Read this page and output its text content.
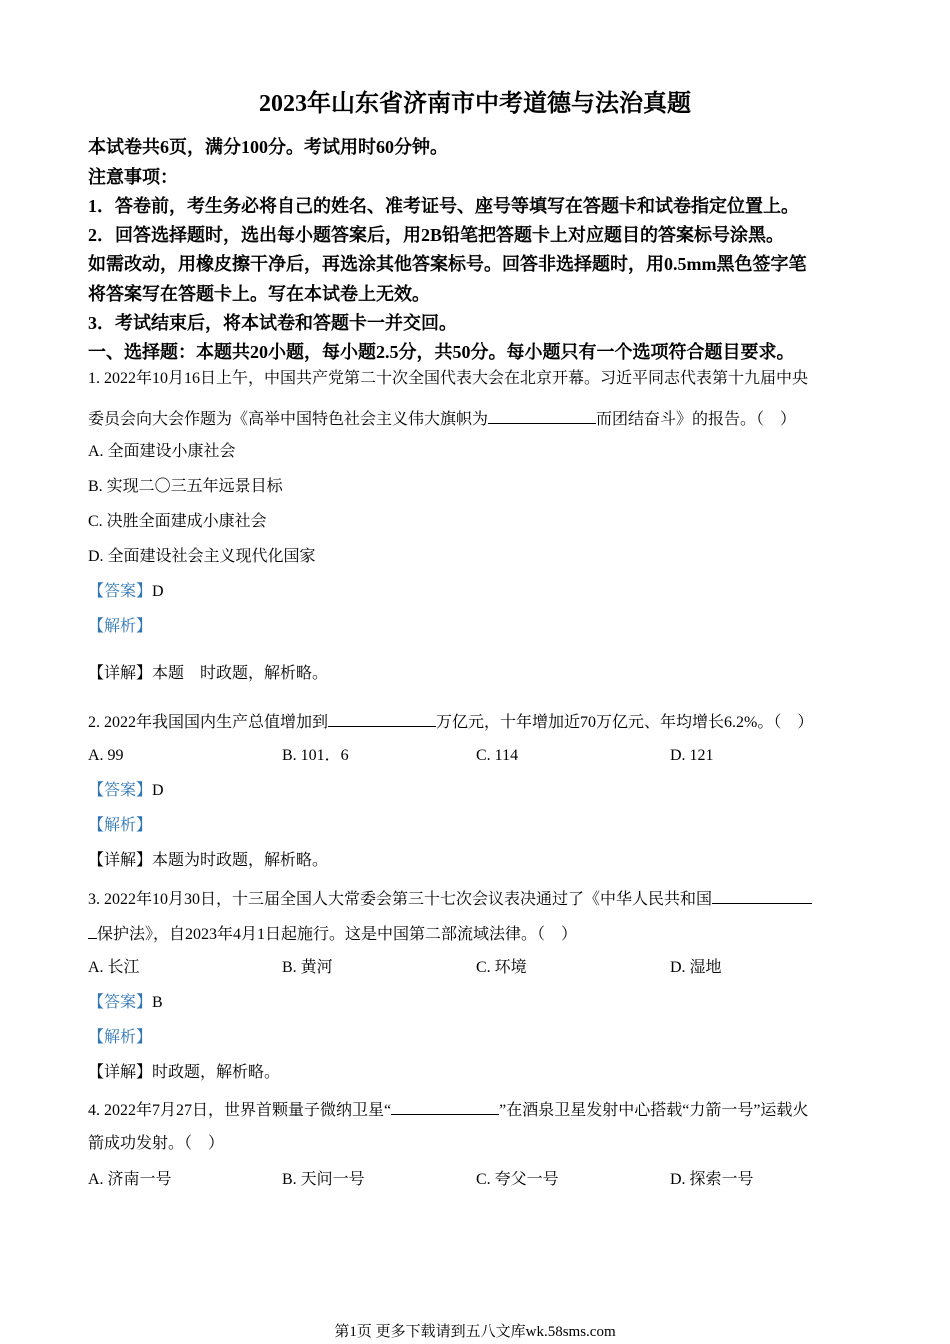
2023年山东省济南市中考道德与法治真题
本试卷共6页，满分100分。考试用时60分钟。
注意事项：
1．答卷前，考生务必将自己的姓名、准考证号、座号等填写在答题卡和试卷指定位置上。
2．回答选择题时，选出每小题答案后，用2B铅笔把答题卡上对应题目的答案标号涂黑。
如需改动，用橡皮擦干净后，再选涂其他答案标号。回答非选择题时，用0.5mm黑色签字笔
将答案写在答题卡上。写在本试卷上无效。
3．考试结束后，将本试卷和答题卡一并交回。
一、选择题：本题共20小题，每小题2.5分，共50分。每小题只有一个选项符合题目要求。
1. 2022年10月16日上午，中国共产党第二十次全国代表大会在北京开幕。习近平同志代表第十九届中央
委员会向大会作题为《高举中国特色社会主义伟大旗帜为	而团结奋斗》的报告。（　）
A. 全面建设小康社会
B. 实现二〇三五年远景目标
C. 决胜全面建成小康社会
D. 全面建设社会主义现代化国家
【答案】D
【解析】
【详解】本题　时政题，解析略。
2. 2022年我国国内生产总值增加到	万亿元，十年增加近70万亿元、年均增长6.2%。（　）
A. 99	B. 101．6	C. 114	D. 121
【答案】D
【解析】
【详解】本题为时政题，解析略。
3. 2022年10月30日，十三届全国人大常委会第三十七次会议表决通过了《中华人民共和国
保护法》，自2023年4月1日起施行。这是中国第二部流域法律。（　）
A. 长江	B. 黄河	C. 环境	D. 湿地
【答案】B
【解析】
【详解】时政题，解析略。
4. 2022年7月27日，世界首颗量子微纳卫星“	”在酒泉卫星发射中心搭载“力箭一号”运载火
箭成功发射。（　）
A. 济南一号	B. 天问一号	C. 夸父一号	D. 探索一号
第1页 更多下载请到五八文库wk.58sms.com
